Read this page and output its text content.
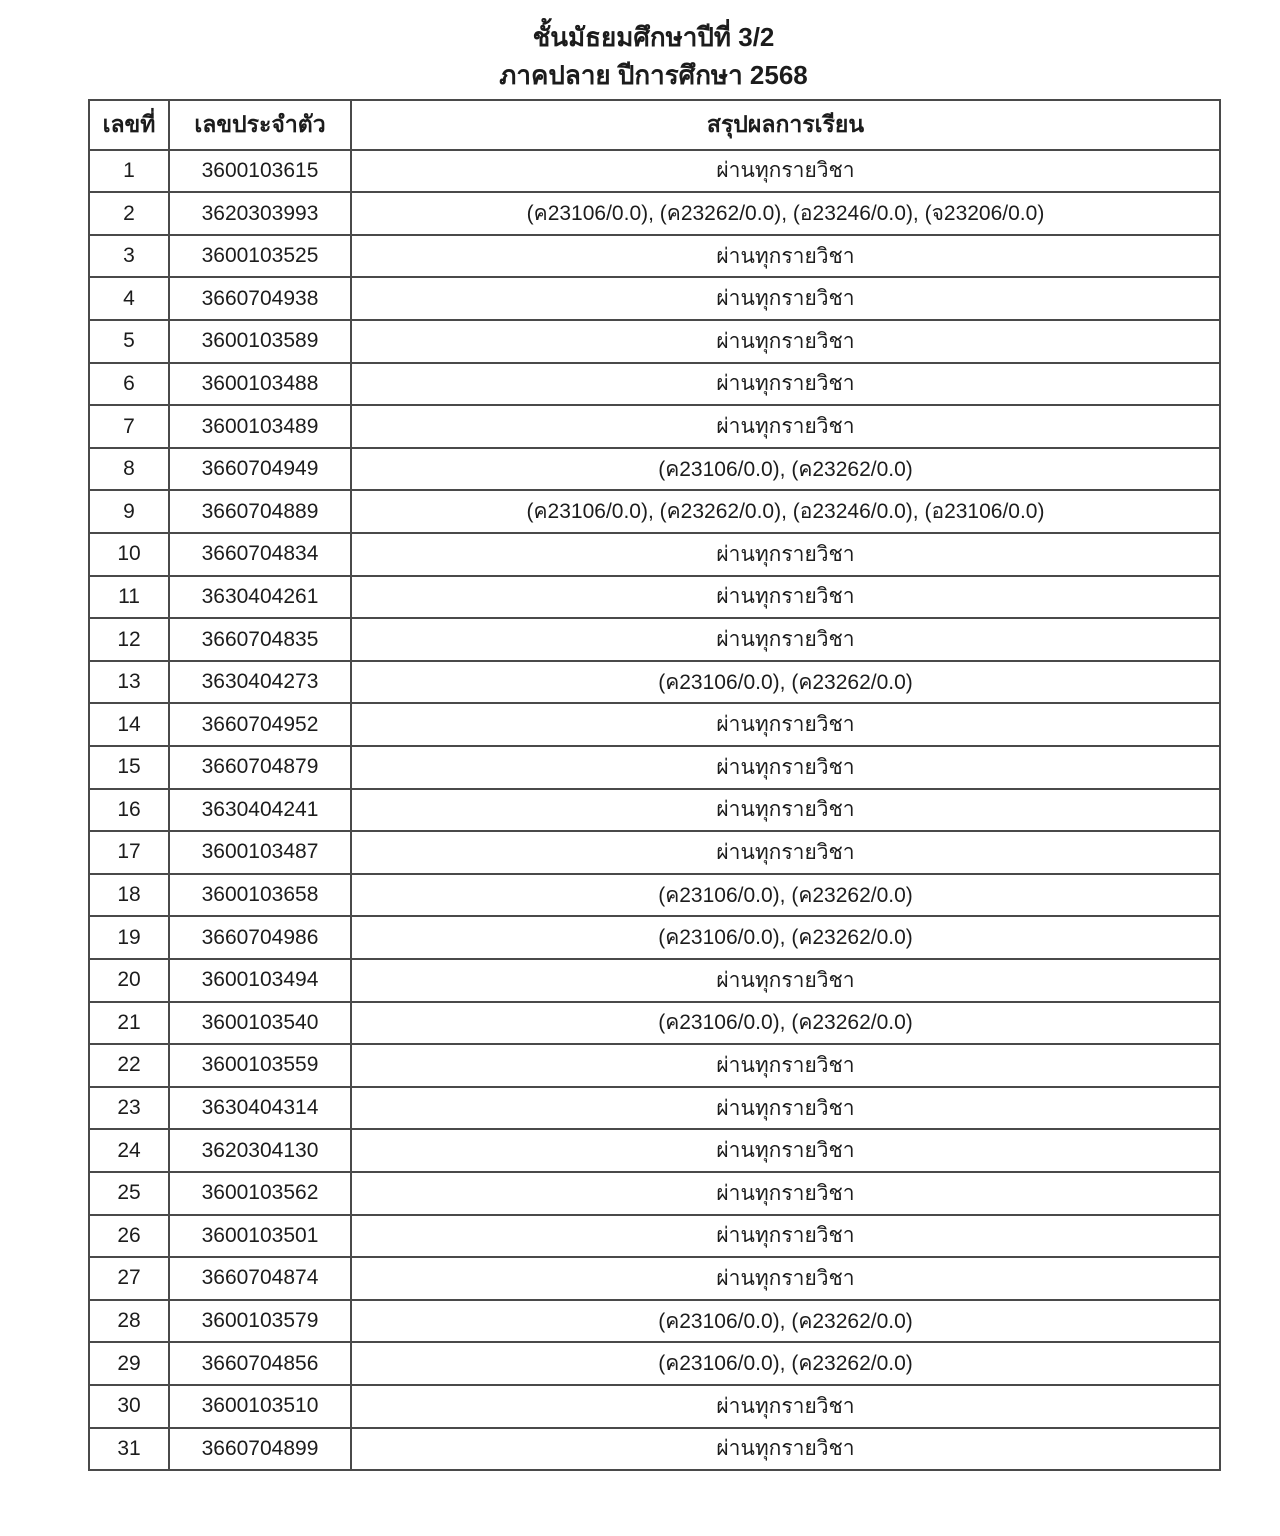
ชั้นมัธยมศึกษาปีที่ 3/2
ภาคปลาย ปีการศึกษา 2568
เลขที่	เลขประจำตัว	สรุปผลการเรียน
1	3600103615	ผ่านทุกรายวิชา
2	3620303993	(ค23106/0.0), (ค23262/0.0), (อ23246/0.0), (จ23206/0.0)
3	3600103525	ผ่านทุกรายวิชา
4	3660704938	ผ่านทุกรายวิชา
5	3600103589	ผ่านทุกรายวิชา
6	3600103488	ผ่านทุกรายวิชา
7	3600103489	ผ่านทุกรายวิชา
8	3660704949	(ค23106/0.0), (ค23262/0.0)
9	3660704889	(ค23106/0.0), (ค23262/0.0), (อ23246/0.0), (อ23106/0.0)
10	3660704834	ผ่านทุกรายวิชา
11	3630404261	ผ่านทุกรายวิชา
12	3660704835	ผ่านทุกรายวิชา
13	3630404273	(ค23106/0.0), (ค23262/0.0)
14	3660704952	ผ่านทุกรายวิชา
15	3660704879	ผ่านทุกรายวิชา
16	3630404241	ผ่านทุกรายวิชา
17	3600103487	ผ่านทุกรายวิชา
18	3600103658	(ค23106/0.0), (ค23262/0.0)
19	3660704986	(ค23106/0.0), (ค23262/0.0)
20	3600103494	ผ่านทุกรายวิชา
21	3600103540	(ค23106/0.0), (ค23262/0.0)
22	3600103559	ผ่านทุกรายวิชา
23	3630404314	ผ่านทุกรายวิชา
24	3620304130	ผ่านทุกรายวิชา
25	3600103562	ผ่านทุกรายวิชา
26	3600103501	ผ่านทุกรายวิชา
27	3660704874	ผ่านทุกรายวิชา
28	3600103579	(ค23106/0.0), (ค23262/0.0)
29	3660704856	(ค23106/0.0), (ค23262/0.0)
30	3600103510	ผ่านทุกรายวิชา
31	3660704899	ผ่านทุกรายวิชา
